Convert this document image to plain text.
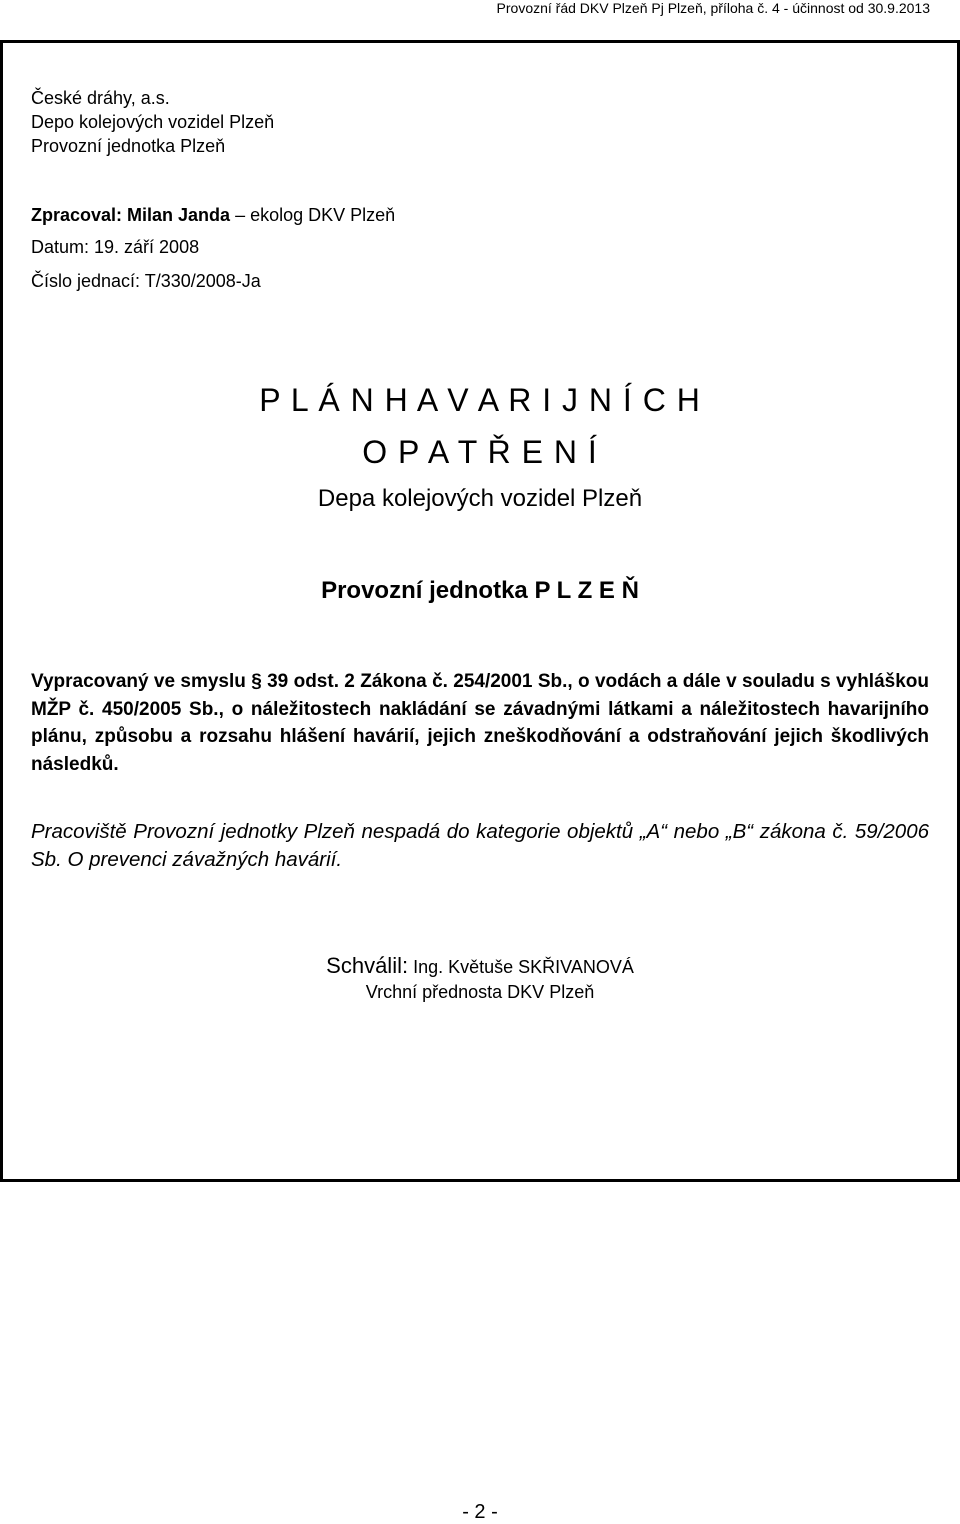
Provozní řád DKV Plzeň Pj Plzeň, příloha č. 4 - účinnost od 30.9.2013
České dráhy, a.s.
Depo kolejových vozidel Plzeň
Provozní jednotka Plzeň
Zpracoval: Milan Janda – ekolog DKV Plzeň
Datum: 19. září 2008
Číslo jednací: T/330/2008-Ja
P L Á N H A V A R I J N Í C H
O P A T Ř E N Í
Depa kolejových vozidel Plzeň
Provozní jednotka P L Z E Ň
Vypracovaný ve smyslu § 39 odst. 2 Zákona č. 254/2001 Sb., o vodách a dále v souladu s vyhláškou MŽP č. 450/2005 Sb., o náležitostech nakládání se závadnými látkami a náležitostech havarijního plánu, způsobu a rozsahu hlášení havárií, jejich zneškodňování a odstraňování jejich škodlivých následků.
Pracoviště Provozní jednotky Plzeň nespadá do kategorie objektů „A“ nebo „B“ zákona č. 59/2006 Sb. O prevenci závažných havárií.
Schválil: Ing. Květuše SKŘIVANOVÁ
Vrchní přednosta DKV Plzeň
- 2 -
